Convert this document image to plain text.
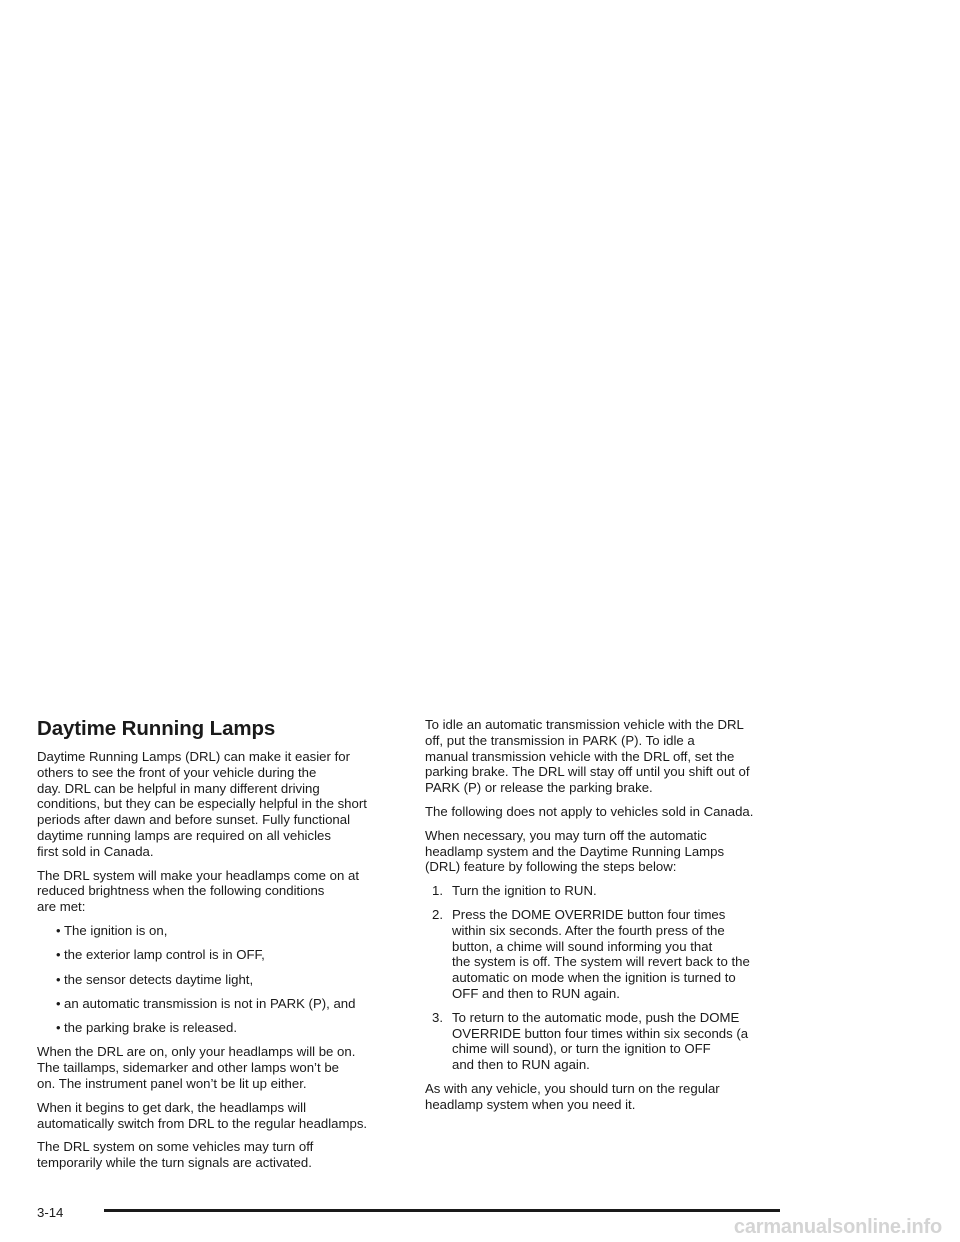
Daytime Running Lamps

Daytime Running Lamps (DRL) can make it easier for
others to see the front of your vehicle during the
day. DRL can be helpful in many different driving
conditions, but they can be especially helpful in the short
periods after dawn and before sunset. Fully functional
daytime running lamps are required on all vehicles
first sold in Canada.

The DRL system will make your headlamps come on at
reduced brightness when the following conditions
are met:

• The ignition is on,
• the exterior lamp control is in OFF,
• the sensor detects daytime light,
• an automatic transmission is not in PARK (P), and
• the parking brake is released.

When the DRL are on, only your headlamps will be on.
The taillamps, sidemarker and other lamps won’t be
on. The instrument panel won’t be lit up either.

When it begins to get dark, the headlamps will
automatically switch from DRL to the regular headlamps.

The DRL system on some vehicles may turn off
temporarily while the turn signals are activated.

To idle an automatic transmission vehicle with the DRL
off, put the transmission in PARK (P). To idle a
manual transmission vehicle with the DRL off, set the
parking brake. The DRL will stay off until you shift out of
PARK (P) or release the parking brake.

The following does not apply to vehicles sold in Canada.

When necessary, you may turn off the automatic
headlamp system and the Daytime Running Lamps
(DRL) feature by following the steps below:

1. Turn the ignition to RUN.
2. Press the DOME OVERRIDE button four times
within six seconds. After the fourth press of the
button, a chime will sound informing you that
the system is off. The system will revert back to the
automatic on mode when the ignition is turned to
OFF and then to RUN again.
3. To return to the automatic mode, push the DOME
OVERRIDE button four times within six seconds (a
chime will sound), or turn the ignition to OFF
and then to RUN again.

As with any vehicle, you should turn on the regular
headlamp system when you need it.

3-14
carmanualsonline.info
